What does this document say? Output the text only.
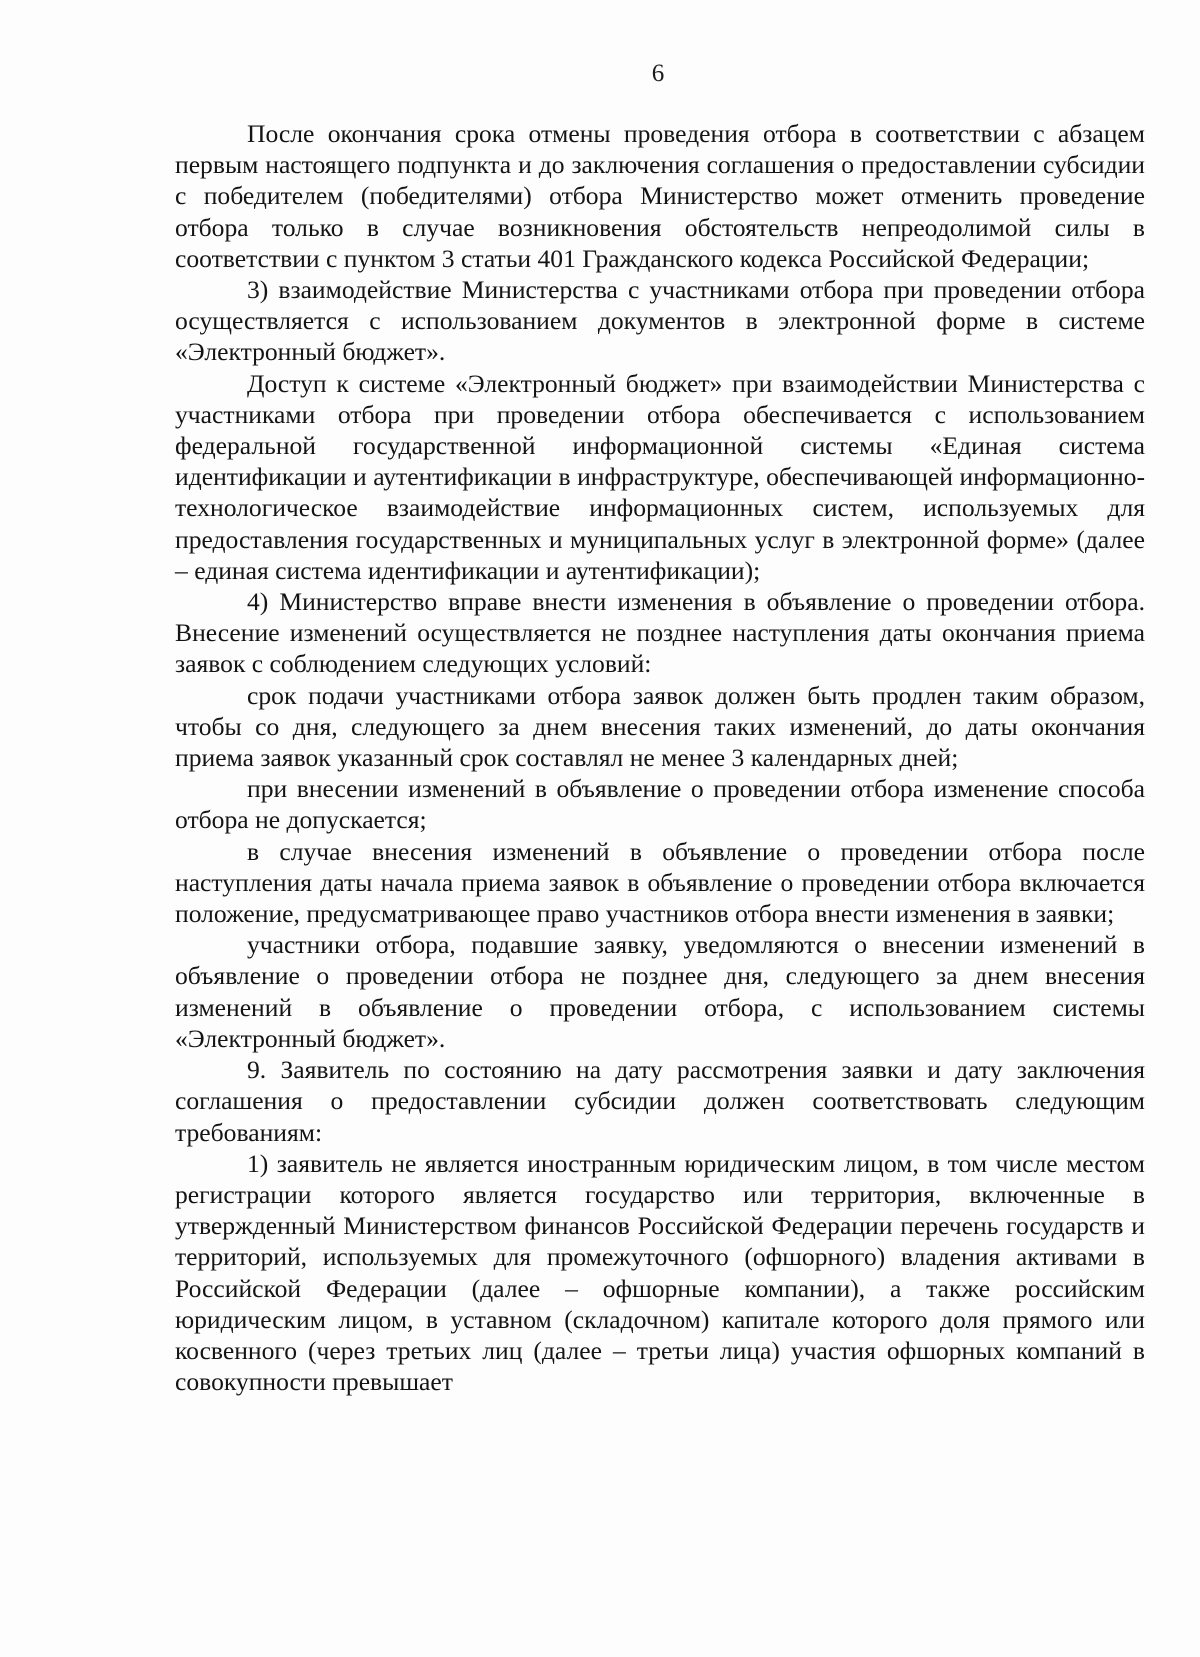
6

После окончания срока отмены проведения отбора в соответствии с абзацем первым настоящего подпункта и до заключения соглашения о предоставлении субсидии с победителем (победителями) отбора Министерство может отменить проведение отбора только в случае возникновения обстоятельств непреодолимой силы в соответствии с пунктом 3 статьи 401 Гражданского кодекса Российской Федерации;

3) взаимодействие Министерства с участниками отбора при проведении отбора осуществляется с использованием документов в электронной форме в системе «Электронный бюджет».

Доступ к системе «Электронный бюджет» при взаимодействии Министерства с участниками отбора при проведении отбора обеспечивается с использованием федеральной государственной информационной системы «Единая система идентификации и аутентификации в инфраструктуре, обеспечивающей информационно-технологическое взаимодействие информационных систем, используемых для предоставления государственных и муниципальных услуг в электронной форме» (далее – единая система идентификации и аутентификации);

4) Министерство вправе внести изменения в объявление о проведении отбора. Внесение изменений осуществляется не позднее наступления даты окончания приема заявок с соблюдением следующих условий:

срок подачи участниками отбора заявок должен быть продлен таким образом, чтобы со дня, следующего за днем внесения таких изменений, до даты окончания приема заявок указанный срок составлял не менее 3 календарных дней;

при внесении изменений в объявление о проведении отбора изменение способа отбора не допускается;

в случае внесения изменений в объявление о проведении отбора после наступления даты начала приема заявок в объявление о проведении отбора включается положение, предусматривающее право участников отбора внести изменения в заявки;

участники отбора, подавшие заявку, уведомляются о внесении изменений в объявление о проведении отбора не позднее дня, следующего за днем внесения изменений в объявление о проведении отбора, с использованием системы «Электронный бюджет».

9. Заявитель по состоянию на дату рассмотрения заявки и дату заключения соглашения о предоставлении субсидии должен соответствовать следующим требованиям:

1) заявитель не является иностранным юридическим лицом, в том числе местом регистрации которого является государство или территория, включенные в утвержденный Министерством финансов Российской Федерации перечень государств и территорий, используемых для промежуточного (офшорного) владения активами в Российской Федерации (далее – офшорные компании), а также российским юридическим лицом, в уставном (складочном) капитале которого доля прямого или косвенного (через третьих лиц (далее – третьи лица) участия офшорных компаний в совокупности превышает
